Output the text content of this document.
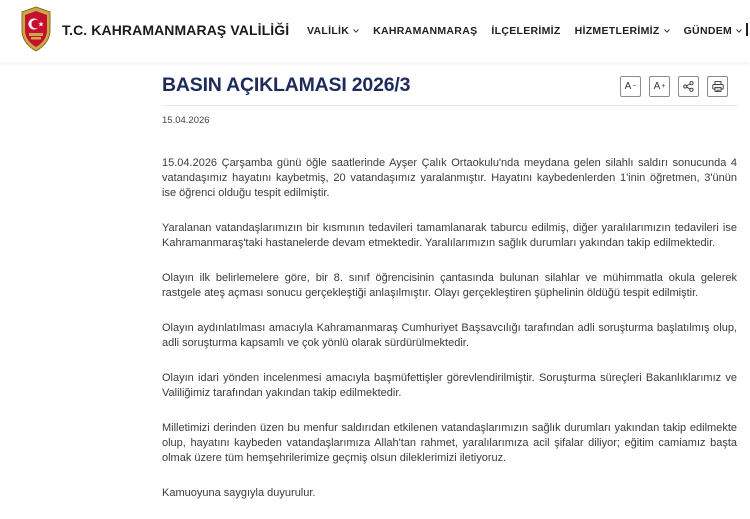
T.C. KAHRAMANMARAŞ VALİLİĞİ VALİLİK KAHRAMANMARAŞ İLÇELERİMİZ HİZMETLERİMİZ GÜNDEM
BASIN AÇIKLAMASI 2026/3	A − A +
15.04.2026

15.04.2026 Çarşamba günü öğle saatlerinde Ayşer Çalık Ortaokulu'nda meydana gelen silahlı saldırı sonucunda 4 vatandaşımız hayatını kaybetmiş, 20 vatandaşımız yaralanmıştır. Hayatını kaybedenlerden 1'inin öğretmen, 3'ünün ise öğrenci olduğu tespit edilmiştir.

Yaralanan vatandaşlarımızın bir kısmının tedavileri tamamlanarak taburcu edilmiş, diğer yaralılarımızın tedavileri ise Kahramanmaraş'taki hastanelerde devam etmektedir. Yaralılarımızın sağlık durumları yakından takip edilmektedir.

Olayın ilk belirlemelere göre, bir 8. sınıf öğrencisinin çantasında bulunan silahlar ve mühimmatla okula gelerek rastgele ateş açması sonucu gerçekleştiği anlaşılmıştır. Olayı gerçekleştiren şüphelinin öldüğü tespit edilmiştir.

Olayın aydınlatılması amacıyla Kahramanmaraş Cumhuriyet Başsavcılığı tarafından adli soruşturma başlatılmış olup, adli soruşturma kapsamlı ve çok yönlü olarak sürdürülmektedir.

Olayın idari yönden incelenmesi amacıyla başmüfettişler görevlendirilmiştir. Soruşturma süreçleri Bakanlıklarımız ve Valiliğimiz tarafından yakından takip edilmektedir.

Milletimizi derinden üzen bu menfur saldırıdan etkilenen vatandaşlarımızın sağlık durumları yakından takip edilmekte olup, hayatını kaybeden vatandaşlarımıza Allah'tan rahmet, yaralılarımıza acil şifalar diliyor; eğitim camiamız başta olmak üzere tüm hemşehrilerimize geçmiş olsun dileklerimizi iletiyoruz.

Kamuoyuna saygıyla duyurulur.
